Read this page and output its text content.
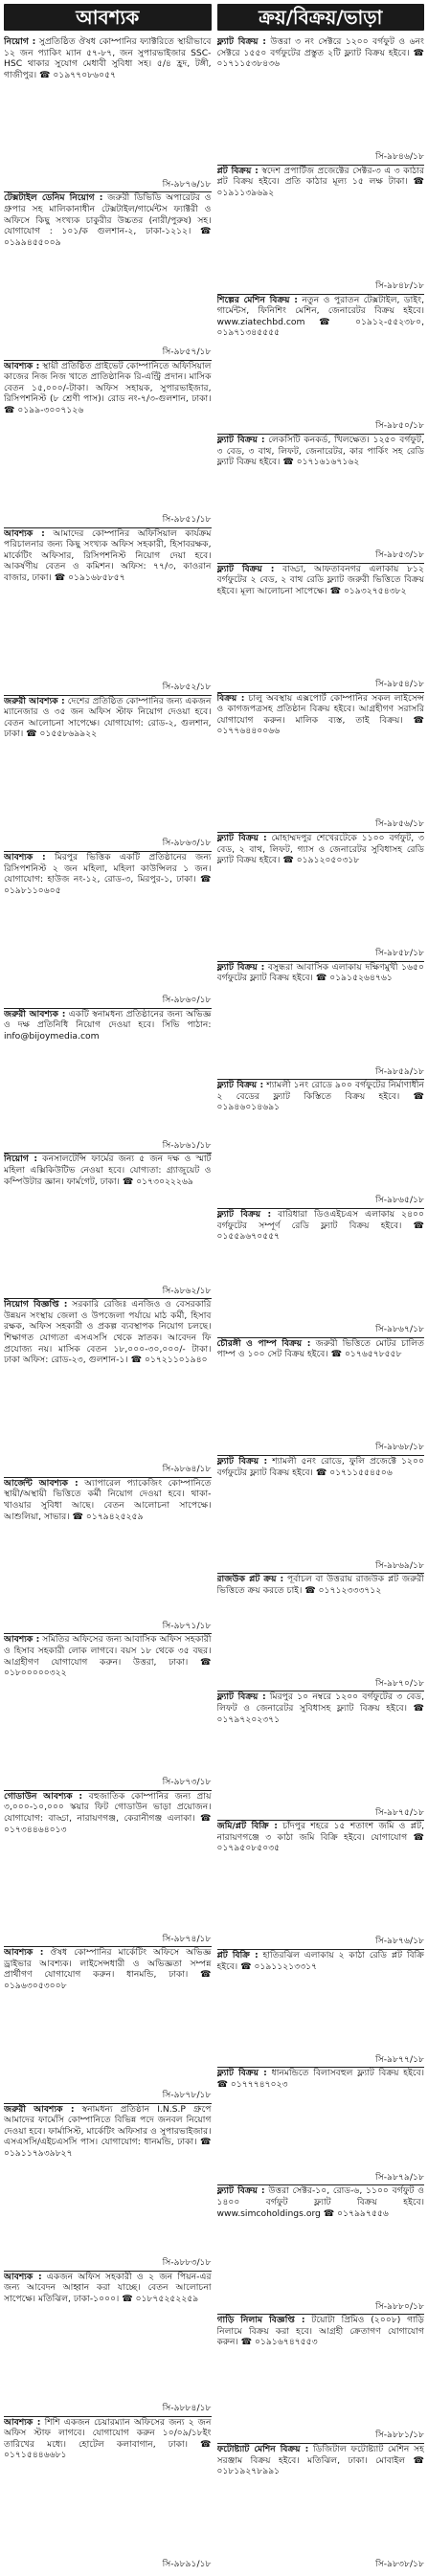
আবশ্যক
নিয়োগ : সুপ্রতিষ্ঠিত ঔষধ কোম্পানির ফ্যাক্টরিতে স্থায়ীভাবে ১২ জন প্যাকিং ম্যান ৫৭-৮৭, জন সুপারভাইজার SSC-HSC থাকার সুযোগ মেধাবী সুবিধা সহ। ৫/৪ হ্রদ, টঙ্গী, গাজীপুর। ☎ ০১৯৭৭০৮৬০৫৭
সি-৯৮৭৬/১৮
টেক্সটাইল ডেনিম নিয়োগ : জরুরী ডিভিডি অপারেটর ও গ্রুপার সহ মালিকানাধীন টেক্সটাইল/গার্মেন্টস ফ্যাক্টরী ও অফিসে কিছু সংখ্যক চাকুরীর উচ্চতর (নারী/পুরুষ) সহ। যোগাযোগ : ১০১/ক গুলশান-২, ঢাকা-১২১২। ☎ ০১৯৯৪৫৫০০৯
সি-৯৮৫৭/১৮
আবশ্যক : স্থায়ী প্রতিষ্ঠিত প্রাইভেট কোম্পানিতে অফিসিয়াল কাজের নিজ নিজ খাতে প্রাতিষ্ঠানিক রি-এন্ট্রি প্রদান। মাসিক বেতন ১৫,০০০/-টাকা। অফিস সহায়ক, সুপারভাইজার, রিসিপশনিস্ট (৮ শ্রেণী পাস)। রোড নং-৭/৩-গুলশান, ঢাকা। ☎ ০১৯৯-৩০০৭১২৬
সি-৯৮৫১/১৮
আবশ্যক : আমাদের কোম্পানির অফিসিয়াল কার্যক্রম পরিচালনার জন্য কিছু সংখ্যক অফিস সহকারী, হিসাবরক্ষক, মার্কেটিং অফিসার, রিসিপশনিস্ট নিয়োগ দেয়া হবে। আকর্ষণীয় বেতন ও কমিশন। অফিস: ৭৭/৩, কাওরান বাজার, ঢাকা। ☎ ০১৯১৬৮৫৮৫৭
সি-৯৮৫২/১৮
জরুরী আবশ্যক : দেশের প্রতিষ্ঠিত কোম্পানির জন্য একজন ম্যানেজার ও ৩৫ জন অফিস স্টাফ নিয়োগ দেওয়া হবে। বেতন আলোচনা সাপেক্ষে। যোগাযোগ: রোড-২, গুলশান, ঢাকা। ☎ ০১৫৫৮৬৯৯২২
সি-৯৮৬৩/১৮
আবশ্যক : মিরপুর ভিত্তিক একটি প্রতিষ্ঠানের জন্য রিসিপশনিস্ট ২ জন মহিলা, মহিলা কাউন্সিলর ১ জন। যোগাযোগ: হাউজ নং-১২, রোড-৩, মিরপুর-১, ঢাকা। ☎ ০১৯৮১১০৬০৫
সি-৯৮৬০/১৮
জরুরী আবশ্যক : একটি স্বনামধন্য প্রতিষ্ঠানের জন্য অভিজ্ঞ ও দক্ষ প্রতিনিধি নিয়োগ দেওয়া হবে। সিভি পাঠান: info@bijoymedia.com
সি-৯৮৬১/১৮
নিয়োগ : কনসালটেন্সি ফার্মের জন্য ৫ জন দক্ষ ও স্মার্ট মহিলা এক্সিকিউটিভ নেওয়া হবে। যোগ্যতা: গ্র্যাজুয়েট ও কম্পিউটার জ্ঞান। ফার্মগেট, ঢাকা। ☎ ০১৭৩০২২২৬৯
সি-৯৮৬২/১৮
নিয়োগ বিজ্ঞপ্তি : সরকারি রেজিঃ এনজিও ও বেসরকারি উন্নয়ন সংস্থায় জেলা ও উপজেলা পর্যায়ে মাঠ কর্মী, হিসাব রক্ষক, অফিস সহকারী ও প্রকল্প ব্যবস্থাপক নিয়োগ চলছে। শিক্ষাগত যোগ্যতা এসএসসি থেকে স্নাতক। আবেদন ফি প্রযোজ্য নয়। মাসিক বেতন ১৮,০০০-৩০,০০০/- টাকা। ঢাকা অফিস: রোড-২৩, গুলশান-১। ☎ ০১৭২১১০১৯৪০
সি-৯৮৬৪/১৮
আর্জেন্ট আবশ্যক : অ্যাপারেল প্যাকেজিং কোম্পানিতে স্থায়ী/অস্থায়ী ভিত্তিতে কর্মী নিয়োগ দেওয়া হবে। থাকা-খাওয়ার সুবিধা আছে। বেতন আলোচনা সাপেক্ষে। আশুলিয়া, সাভার। ☎ ০১৭৯৪২৫২৫৯
সি-৯৮৭১/১৮
আবশ্যক : সমিতির অফিসের জন্য আবাসিক অফিস সহকারী ও হিসাব সহকারী লোক লাগবে। বয়স ১৮ থেকে ৩৫ বছর। আগ্রহীগণ যোগাযোগ করুন। উত্তরা, ঢাকা। ☎ ০১৮০০০০০৩২২
সি-৯৮৭৩/১৮
গোডাউন আবশ্যক : বহুজাতিক কোম্পানির জন্য প্রায় ৩,০০০-১০,০০০ স্কয়ার ফিট গোডাউন ভাড়া প্রয়োজন। যোগাযোগ: বাড্ডা, নারায়ণগঞ্জ, কেরানীগঞ্জ এলাকা। ☎ ০১৭৩৪৪৬৪০১৩
সি-৯৮৭৪/১৮
আবশ্যক : ঔষধ কোম্পানির মার্কেটিং অফিসে অভিজ্ঞ ড্রাইভার আবশ্যক। লাইসেন্সধারী ও অভিজ্ঞতা সম্পন্ন প্রার্থীগণ যোগাযোগ করুন। ধানমন্ডি, ঢাকা। ☎ ০১৯৬৩০৫৩০০৮
সি-৯৮৭৮/১৮
জরুরী আবশ্যক : স্বনামধন্য প্রতিষ্ঠান I.N.S.P গ্রুপে আমাদের ফার্মেসি কোম্পানিতে বিভিন্ন পদে জনবল নিয়োগ দেওয়া হবে। ফার্মাসিস্ট, মার্কেটিং অফিসার ও সুপারভাইজার। এসএসসি/এইচএসসি পাস। যোগাযোগ: ধানমন্ডি, ঢাকা। ☎ ০১৯১১৭৯৩৯৮২৭
সি-৯৮৮৩/১৮
আবশ্যক : একজন অফিস সহকারী ও ২ জন পিয়ন-এর জন্য আবেদন আহ্বান করা যাচ্ছে। বেতন আলোচনা সাপেক্ষে। মতিঝিল, ঢাকা-১০০০। ☎ ০১৮৭৫২৫২২৫৯
সি-৯৮৮৪/১৮
আবশ্যক : শিশি একজন চেয়ারম্যান অফিসের জন্য ২ জন অফিস স্টাফ লাগবে। যোগাযোগ করুন ১০/০৯/১৮ইং তারিখের মধ্যে। হোটেল কলাবাগান, ঢাকা। ☎ ০১৭১৫৪৪৬৬৮১
সি-৯৮৯১/১৮
ক্রয়/বিক্রয়/ভাড়া
ফ্ল্যাট বিক্রয় : উত্তরা ৩ নং সেক্টরে ১২০০ বর্গফুট ও ৬নং সেক্টরে ১৫৫০ বর্গফুটের প্রস্তুত ২টি ফ্ল্যাট বিক্রয় হইবে। ☎ ০১৭১১৫৩৮৪৩৬
সি-৯৮৪৬/১৮
প্লট বিক্রয় : স্বদেশ প্রপার্টিজ প্রজেক্টের সেক্টর-৩ এ ৩ কাঠার প্লট বিক্রয় হইবে। প্রতি কাঠার মূল্য ১৫ লক্ষ টাকা। ☎ ০১৯১১৩৯৬৯২
সি-৯৮৪৮/১৮
শিল্পের মেশিন বিক্রয় : নতুন ও পুরাতন টেক্সটাইল, ডাইং, গার্মেন্টস, ফিনিশিং মেশিন, জেনারেটর বিক্রয় হইবে। www.ziatechbd.com ☎ ০১৯১২-৫৫২৩৮০, ০১৯৭১৩৪৫৫৫৫
সি-৯৮৫০/১৮
ফ্ল্যাট বিক্রয় : লেকসিটি কনকর্ড, খিলক্ষেত। ১২৫০ বর্গফুট, ৩ বেড, ৩ বাথ, লিফট, জেনারেটর, কার পার্কিং সহ রেডি ফ্ল্যাট বিক্রয় হইবে। ☎ ০১৭১৬১৬৭১৬২
সি-৯৮৫৩/১৮
ফ্ল্যাট বিক্রয় : বাড্ডা, আফতাবনগর এলাকায় ৮১২ বর্গফুটের ২ বেড, ২ বাথ রেডি ফ্ল্যাট জরুরী ভিত্তিতে বিক্রয় হইবে। মূল্য আলোচনা সাপেক্ষে। ☎ ০১৯৩২৭৫৪৩৮২
সি-৯৮৫৪/১৮
বিক্রয় : চালু অবস্থায় এক্সপোর্ট কোম্পানির সকল লাইসেন্স ও কাগজপত্রসহ প্রতিষ্ঠান বিক্রয় হইবে। আগ্রহীগণ সরাসরি যোগাযোগ করুন। মালিক ব্যস্ত, তাই বিক্রয়। ☎ ০১৭৭৬৪৪০০৬৬
সি-৯৮৫৬/১৮
ফ্ল্যাট বিক্রয় : মোহাম্মদপুর শেখেরটেকে ১১০০ বর্গফুট, ৩ বেড, ২ বাথ, লিফট, গ্যাস ও জেনারেটর সুবিধাসহ রেডি ফ্ল্যাট বিক্রয় হইবে। ☎ ০১৯১২০৫০৩১৮
সি-৯৮৫৮/১৮
ফ্ল্যাট বিক্রয় : বসুন্ধরা আবাসিক এলাকায় দক্ষিণমুখী ১৬৫০ বর্গফুটের ফ্ল্যাট বিক্রয় হইবে। ☎ ০১৯১৫২৬৪৭৬১
সি-৯৮৫৯/১৮
ফ্ল্যাট বিক্রয় : শ্যামলী ১নং রোডে ৯০০ বর্গফুটের নির্মাণাধীন ২ বেডের ফ্ল্যাট কিস্তিতে বিক্রয় হইবে। ☎ ০১৯৪৬০১৪৬৯১
সি-৯৮৬৫/১৮
ফ্ল্যাট বিক্রয় : বারিধারা ডিওএইচএস এলাকায় ২৪০০ বর্গফুটের সম্পূর্ণ রেডি ফ্ল্যাট বিক্রয় হইবে। ☎ ০১৫৫৯৬৭০৫৫৭
সি-৯৮৬৭/১৮
চৌরঙ্গী ও পাম্প বিক্রয় : জরুরী ভিত্তিতে মোটর চালিত পাম্প ও ১০০ সেট বিক্রয় হইবে। ☎ ০১৭৬৫৭৮৫৫৮
সি-৯৮৬৮/১৮
ফ্ল্যাট বিক্রয় : শ্যামলী ৫নং রোডে, ফুলি প্রজেক্টে ১২০০ বর্গফুটের ফ্ল্যাট বিক্রয় হইবে। ☎ ০১৭১১৫৫৪৫০৬
সি-৯৮৬৯/১৮
রাজউক প্লট ক্রয় : পূর্বাচল বা উত্তরায় রাজউক প্লট জরুরী ভিত্তিতে ক্রয় করতে চাই। ☎ ০১৭১২৩৩৩৭১২
সি-৯৮৭০/১৮
ফ্ল্যাট বিক্রয় : মিরপুর ১০ নম্বরে ১২০০ বর্গফুটের ৩ বেড, লিফট ও জেনারেটর সুবিধাসহ ফ্ল্যাট বিক্রয় হইবে। ☎ ০১৭৯৭২০২৩৭১
সি-৯৮৭৫/১৮
জমি/প্লট বিক্রি : চাঁদপুর শহরে ১৫ শতাংশ জমি ও প্লট, নারায়ণগঞ্জে ৩ কাঠা জমি বিক্রি হইবে। যোগাযোগ ☎ ০১৭৯৫০৮৫০৩৫
সি-৯৮৭৬/১৮
প্লট বিক্রি : হাতিরঝিল এলাকায় ২ কাঠা রেডি প্লট বিক্রি হইবে। ☎ ০১৯১১২১৩৩১৭
সি-৯৮৭৭/১৮
ফ্ল্যাট বিক্রয় : ধানমন্ডিতে বিলাসবহুল ফ্ল্যাট বিক্রয় হইবে। ☎ ০১৭৭৭৪৭০২৩
সি-৯৮৭৯/১৮
ফ্ল্যাট বিক্রয় : উত্তরা সেক্টর-১০, রোড-৬, ১১০০ বর্গফুট ও ১৪০০ বর্গফুট ফ্ল্যাট বিক্রয় হইবে। www.simcoholdings.org ☎ ০১৭৯৯৭৫৫৬
সি-৯৮৮০/১৮
গাড়ি নিলাম বিজ্ঞপ্তি : টয়োটা প্রিমিও (২০০৮) গাড়ি নিলামে বিক্রয় করা হবে। আগ্রহী ক্রেতাগণ যোগাযোগ করুন। ☎ ০১৯১৬৭৪৭৫৫৩
সি-৯৮৮১/১৮
ফটোষ্ট্যাট মেশিন বিক্রয় : ডিজিটাল ফটোষ্ট্যাট মেশিন সহ সরঞ্জাম বিক্রয় হইবে। মতিঝিল, ঢাকা। মোবাইল ☎ ০১৮১৯২৭৮৯৯১
সি-৯৮৩৮/১৮
